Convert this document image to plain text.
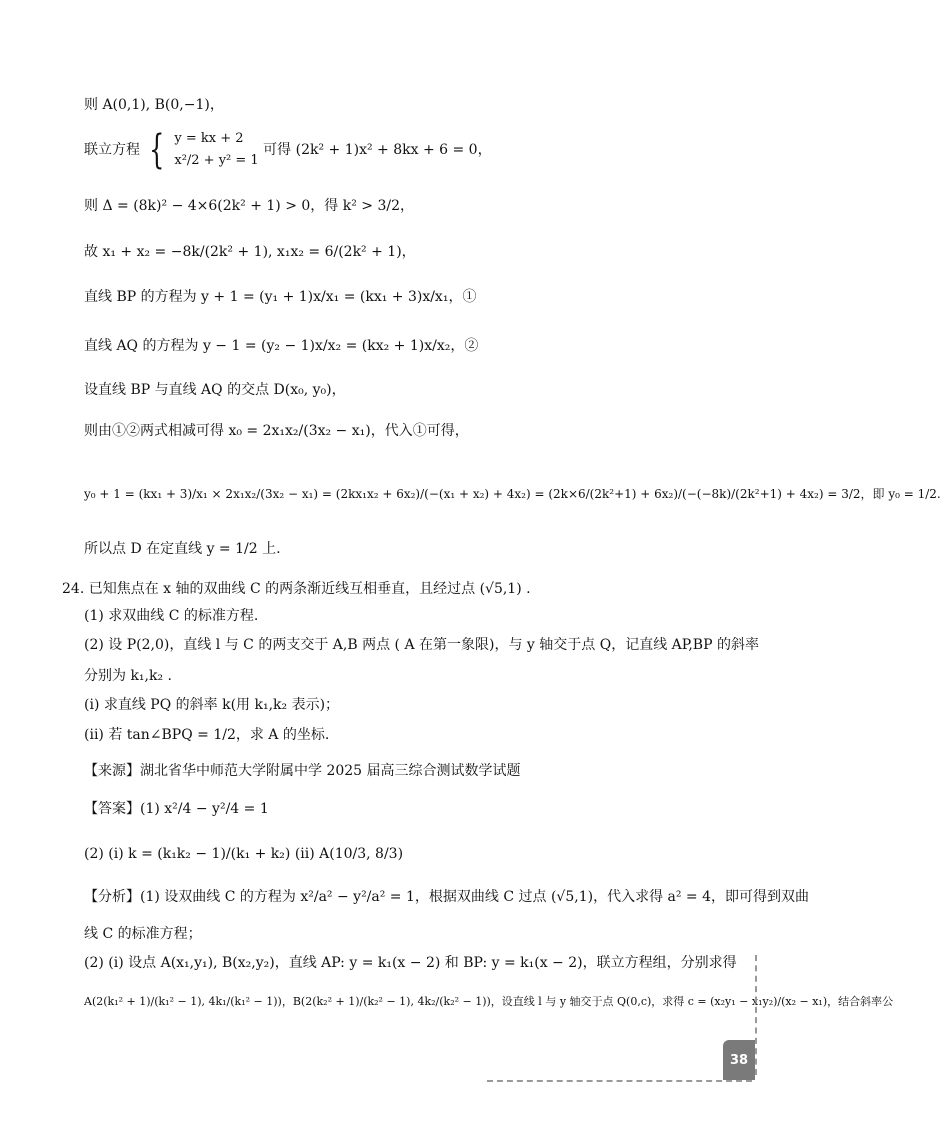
则 A(0,1), B(0,−1)，
联立方程 { y = kx + 2
x²/2 + y² = 1
可得 (2k² + 1)x² + 8kx + 6 = 0，
则 Δ = (8k)² − 4×6(2k² + 1) > 0，得 k² > 3/2，
故 x₁ + x₂ = −8k/(2k² + 1), x₁x₂ = 6/(2k² + 1)，
直线 BP 的方程为 y + 1 = (y₁ + 1)x/x₁ = (kx₁ + 3)x/x₁，①
直线 AQ 的方程为 y − 1 = (y₂ − 1)x/x₂ = (kx₂ + 1)x/x₂，②
设直线 BP 与直线 AQ 的交点 D(x₀, y₀)，
则由①②两式相减可得 x₀ = 2x₁x₂/(3x₂ − x₁)，代入①可得，
y₀ + 1 = (kx₁ + 3)/x₁ × 2x₁x₂/(3x₂ − x₁) = (2kx₁x₂ + 6x₂)/(−(x₁ + x₂) + 4x₂) = (2k×6/(2k²+1) + 6x₂)/(−(−8k)/(2k²+1) + 4x₂) = 3/2，即 y₀ = 1/2.
所以点 D 在定直线 y = 1/2 上.
24. 已知焦点在 x 轴的双曲线 C 的两条渐近线互相垂直，且经过点 (√5,1) .
(1) 求双曲线 C 的标准方程.
(2) 设 P(2,0)，直线 l 与 C 的两支交于 A,B 两点 ( A 在第一象限)，与 y 轴交于点 Q，记直线 AP,BP 的斜率
分别为 k₁,k₂ .
(i) 求直线 PQ 的斜率 k(用 k₁,k₂ 表示)；
(ii) 若 tan∠BPQ = 1/2，求 A 的坐标.
【来源】湖北省华中师范大学附属中学 2025 届高三综合测试数学试题
【答案】(1) x²/4 − y²/4 = 1
(2) (i) k = (k₁k₂ − 1)/(k₁ + k₂) (ii) A(10/3, 8/3)
【分析】(1) 设双曲线 C 的方程为 x²/a² − y²/a² = 1，根据双曲线 C 过点 (√5,1)，代入求得 a² = 4，即可得到双曲
线 C 的标准方程；
(2) (i) 设点 A(x₁,y₁), B(x₂,y₂)，直线 AP: y = k₁(x − 2) 和 BP: y = k₁(x − 2)，联立方程组，分别求得
A(2(k₁² + 1)/(k₁² − 1), 4k₁/(k₁² − 1))，B(2(k₂² + 1)/(k₂² − 1), 4k₂/(k₂² − 1))，设直线 l 与 y 轴交于点 Q(0,c)，求得 c = (x₂y₁ − x₁y₂)/(x₂ − x₁)，结合斜率公
38
